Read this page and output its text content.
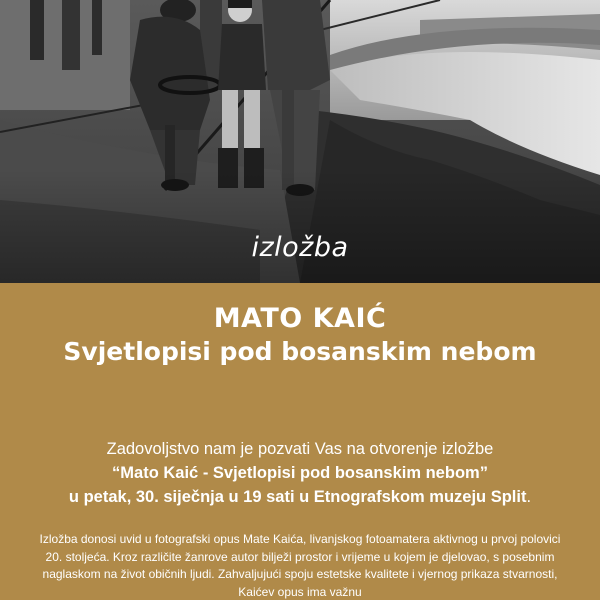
izložba
MATO KAIĆ
Svjetlopisi pod bosanskim nebom
Zadovoljstvo nam je pozvati Vas na otvorenje izložbe
“Mato Kaić - Svjetlopisi pod bosanskim nebom”
u petak, 30. siječnja u 19 sati u Etnografskom muzeju Split.
Izložba donosi uvid u fotografski opus Mate Kaića, livanjskog fotoamatera aktivnog u prvoj polovici 20. stoljeća. Kroz različite žanrove autor bilježi prostor i vrijeme u kojem je djelovao, s posebnim naglaskom na život običnih ljudi. Zahvaljujući spoju estetske kvalitete i vjernog prikaza stvarnosti, Kaićev opus ima važnu
